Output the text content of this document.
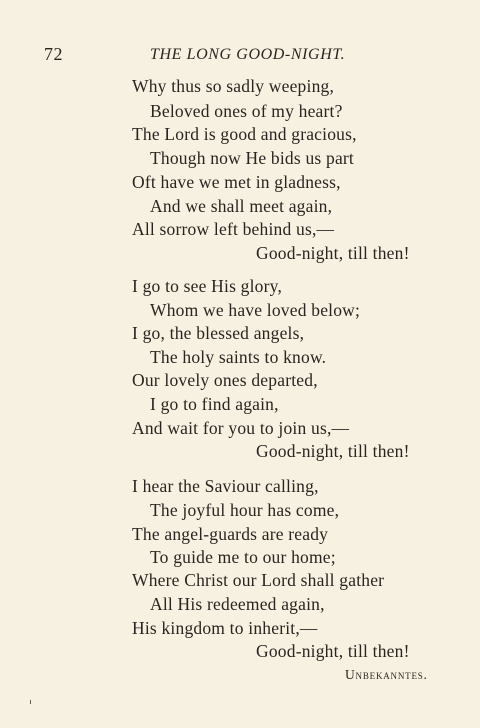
72	THE LONG GOOD-NIGHT.
Why thus so sadly weeping,
Beloved ones of my heart?
The Lord is good and gracious,
Though now He bids us part
Oft have we met in gladness,
And we shall meet again,
All sorrow left behind us,—
Good-night, till then!
I go to see His glory,
Whom we have loved below;
I go, the blessed angels,
The holy saints to know.
Our lovely ones departed,
I go to find again,
And wait for you to join us,—
Good-night, till then!
I hear the Saviour calling,
The joyful hour has come,
The angel-guards are ready
To guide me to our home;
Where Christ our Lord shall gather
All His redeemed again,
His kingdom to inherit,—
Good-night, till then!
Unbekanntes.
